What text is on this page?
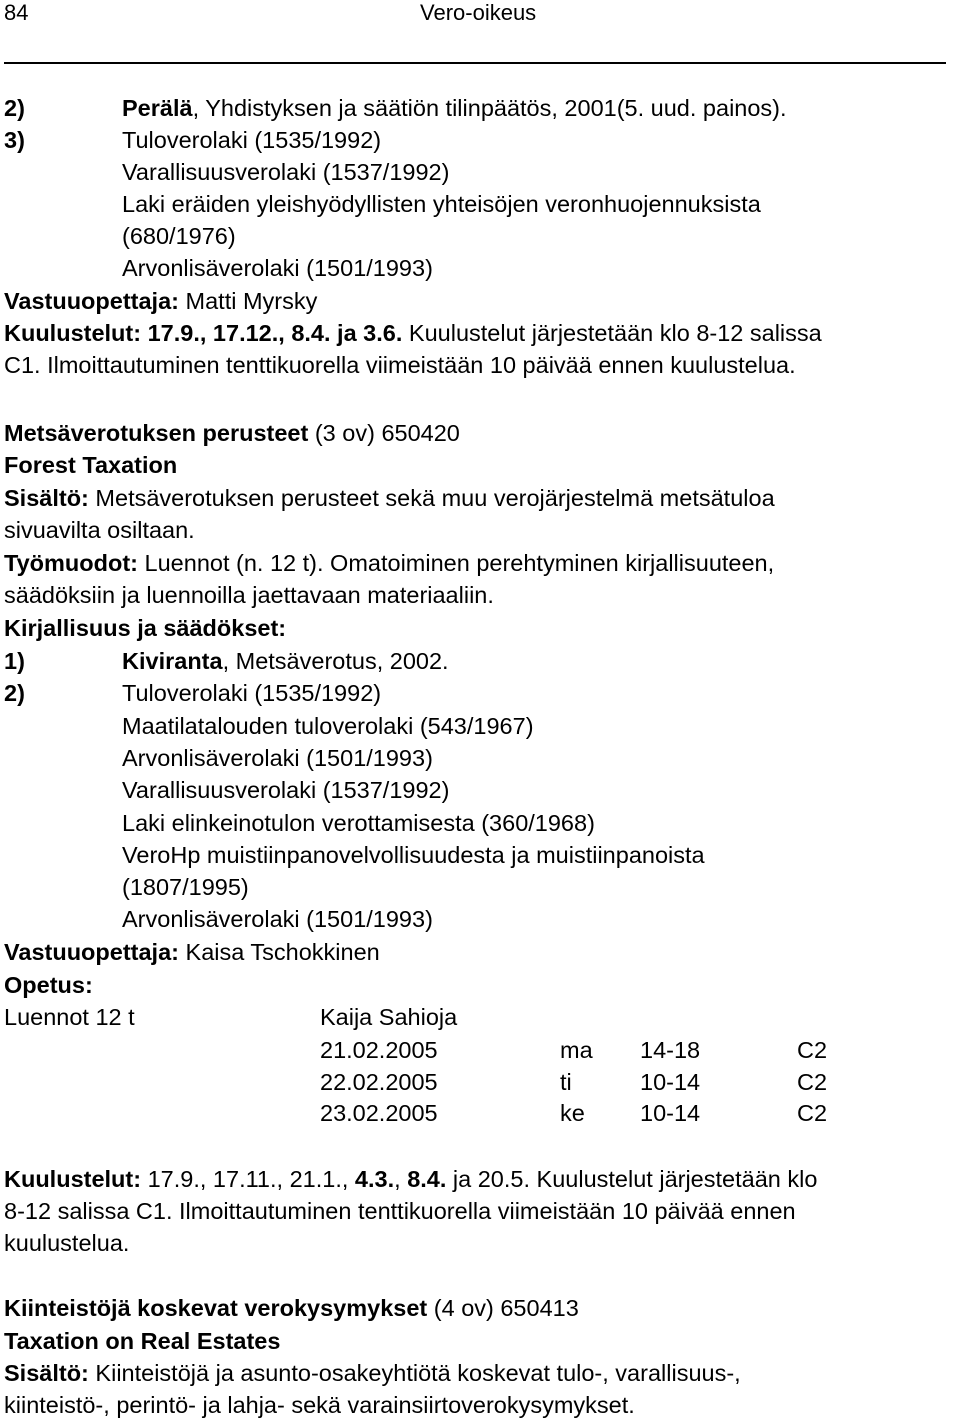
84	Vero-oikeus
2)	Perälä, Yhdistyksen ja säätiön tilinpäätös, 2001(5. uud. painos).
3)	Tuloverolaki (1535/1992)
Varallisuusverolaki (1537/1992)
Laki eräiden yleishyödyllisten yhteisöjen veronhuojennuksista
(680/1976)
Arvonlisäverolaki (1501/1993)
Vastuuopettaja: Matti Myrsky
Kuulustelut: 17.9., 17.12., 8.4. ja 3.6. Kuulustelut järjestetään klo 8-12 salissa
C1. Ilmoittautuminen tenttikuorella viimeistään 10 päivää ennen kuulustelua.
Metsäverotuksen perusteet (3 ov) 650420
Forest Taxation
Sisältö: Metsäverotuksen perusteet sekä muu verojärjestelmä metsätuloa
sivuavilta osiltaan.
Työmuodot: Luennot (n. 12 t). Omatoiminen perehtyminen kirjallisuuteen,
säädöksiin ja luennoilla jaettavaan materiaaliin.
Kirjallisuus ja säädökset:
1)	Kiviranta, Metsäverotus, 2002.
2)	Tuloverolaki (1535/1992)
Maatilatalouden tuloverolaki (543/1967)
Arvonlisäverolaki (1501/1993)
Varallisuusverolaki (1537/1992)
Laki elinkeinotulon verottamisesta (360/1968)
VeroHp muistiinpanovelvollisuudesta ja muistiinpanoista
(1807/1995)
Arvonlisäverolaki (1501/1993)
Vastuuopettaja: Kaisa Tschokkinen
Opetus:
Luennot 12 t	Kaija Sahioja
21.02.2005	ma 14-18	C2
22.02.2005	ti	10-14	C2
23.02.2005	ke 10-14	C2
Kuulustelut: 17.9., 17.11., 21.1., 4.3., 8.4. ja 20.5. Kuulustelut järjestetään klo
8-12 salissa C1. Ilmoittautuminen tenttikuorella viimeistään 10 päivää ennen
kuulustelua.
Kiinteistöjä koskevat verokysymykset (4 ov) 650413
Taxation on Real Estates
Sisältö: Kiinteistöjä ja asunto-osakeyhtiötä koskevat tulo-, varallisuus-,
kiinteistö-, perintö- ja lahja- sekä varainsiirtoverokysymykset.
